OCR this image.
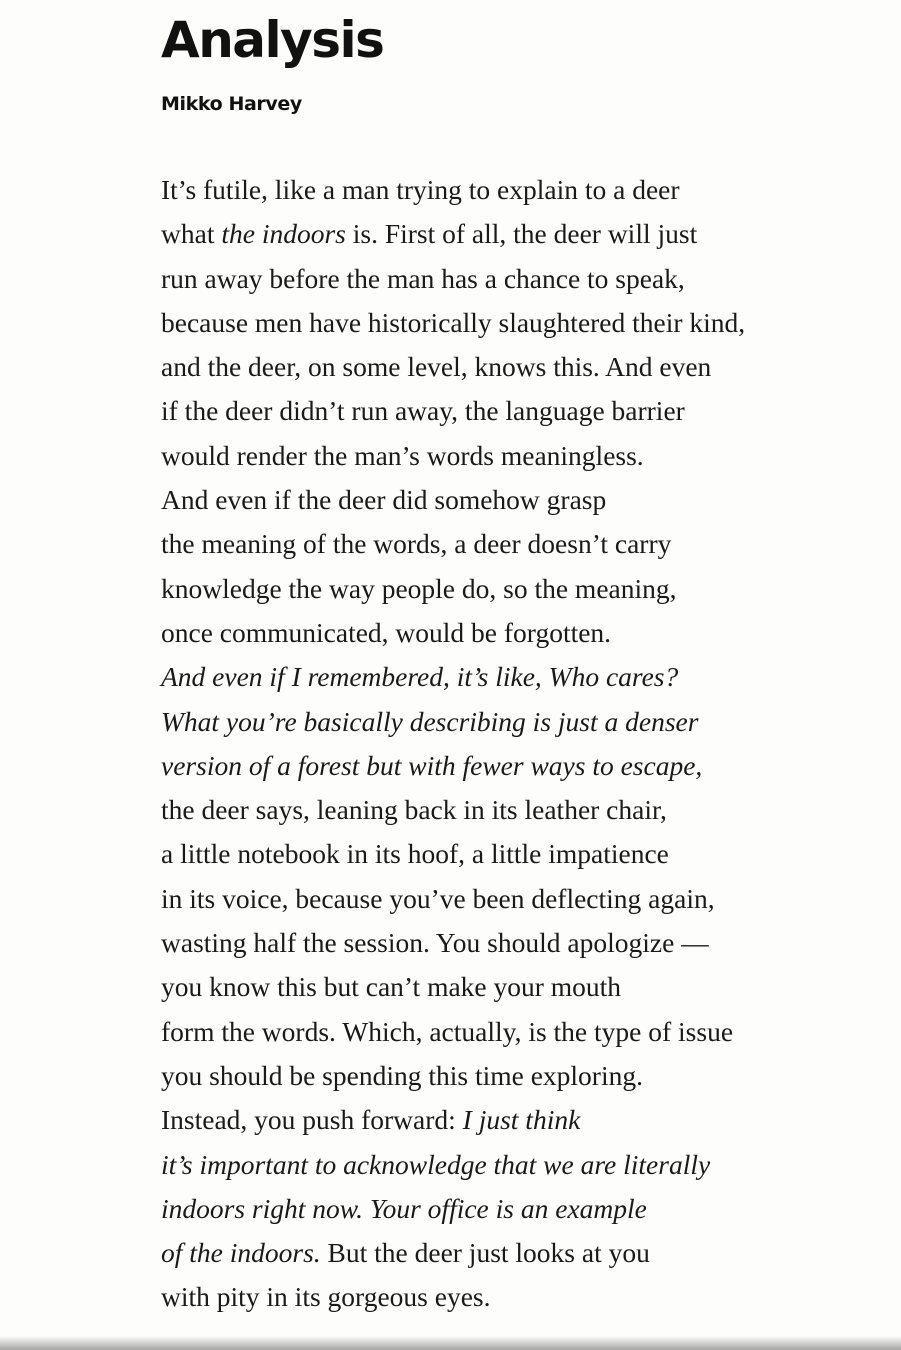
Analysis
Mikko Harvey
It’s futile, like a man trying to explain to a deer
what the indoors is. First of all, the deer will just
run away before the man has a chance to speak,
because men have historically slaughtered their kind,
and the deer, on some level, knows this. And even
if the deer didn’t run away, the language barrier
would render the man’s words meaningless.
And even if the deer did somehow grasp
the meaning of the words, a deer doesn’t carry
knowledge the way people do, so the meaning,
once communicated, would be forgotten.
And even if I remembered, it’s like, Who cares?
What you’re basically describing is just a denser
version of a forest but with fewer ways to escape,
the deer says, leaning back in its leather chair,
a little notebook in its hoof, a little impatience
in its voice, because you’ve been deflecting again,
wasting half the session. You should apologize —
you know this but can’t make your mouth
form the words. Which, actually, is the type of issue
you should be spending this time exploring.
Instead, you push forward: I just think
it’s important to acknowledge that we are literally
indoors right now. Your office is an example
of the indoors. But the deer just looks at you
with pity in its gorgeous eyes.
